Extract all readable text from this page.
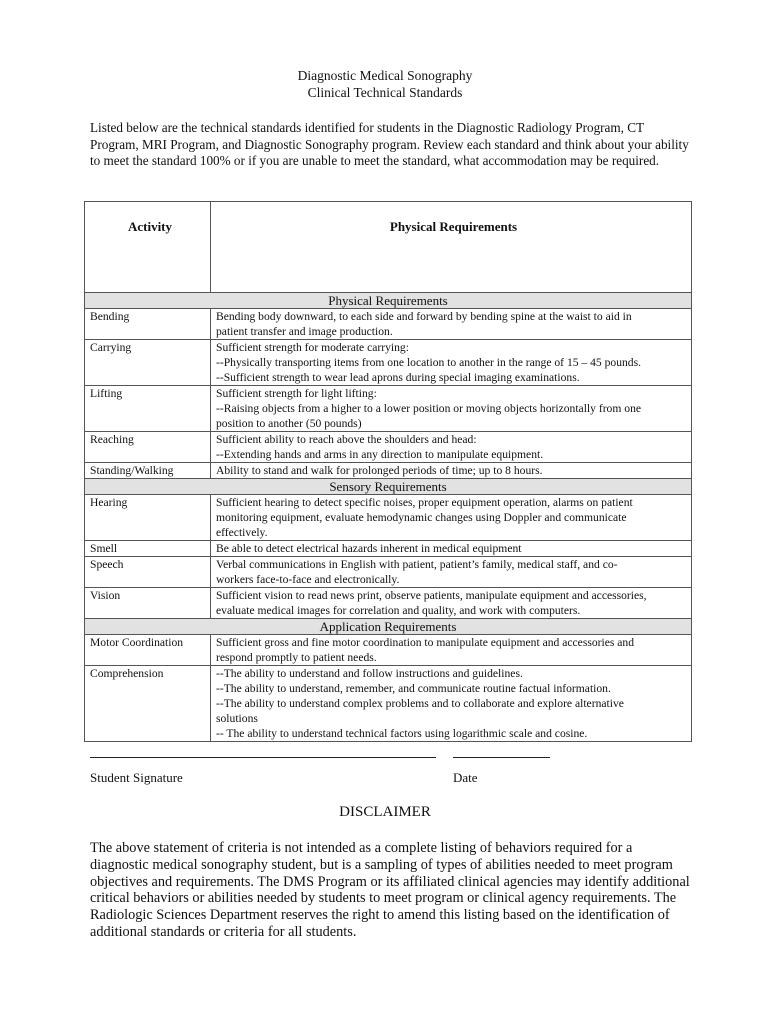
Diagnostic Medical Sonography
Clinical Technical Standards
Listed below are the technical standards identified for students in the Diagnostic Radiology Program, CT Program, MRI Program, and Diagnostic Sonography program. Review each standard and think about your ability to meet the standard 100% or if you are unable to meet the standard, what accommodation may be required.
Activity	Physical Requirements
Physical Requirements	
Bending	Bending body downward, to each side and forward by bending spine at the waist to aid in
patient transfer and image production.

Carrying	Sufficient strength for moderate carrying:
--Physically transporting items from one location to another in the range of 15 – 45 pounds.
--Sufficient strength to wear lead aprons during special imaging examinations.

Lifting	Sufficient strength for light lifting:
--Raising objects from a higher to a lower position or moving objects horizontally from one
position to another (50 pounds)

Reaching	Sufficient ability to reach above the shoulders and head:
--Extending hands and arms in any direction to manipulate equipment.

Standing/Walking	Ability to stand and walk for prolonged periods of time; up to 8 hours.

Sensory Requirements	
Hearing	Sufficient hearing to detect specific noises, proper equipment operation, alarms on patient
monitoring equipment, evaluate hemodynamic changes using Doppler and communicate
effectively.

Smell	Be able to detect electrical hazards inherent in medical equipment

Speech	Verbal communications in English with patient, patient’s family, medical staff, and co-
workers face-to-face and electronically.

Vision	Sufficient vision to read news print, observe patients, manipulate equipment and accessories,
evaluate medical images for correlation and quality, and work with computers.

Application Requirements	
Motor Coordination	Sufficient gross and fine motor coordination to manipulate equipment and accessories and
respond promptly to patient needs.

Comprehension	--The ability to understand and follow instructions and guidelines.
--The ability to understand, remember, and communicate routine factual information.
--The ability to understand complex problems and to collaborate and explore alternative
solutions
-- The ability to understand technical factors using logarithmic scale and cosine.
Student Signature	Date
DISCLAIMER
The above statement of criteria is not intended as a complete listing of behaviors required for a diagnostic medical sonography student, but is a sampling of types of abilities needed to meet program objectives and requirements. The DMS Program or its affiliated clinical agencies may identify additional critical behaviors or abilities needed by students to meet program or clinical agency requirements. The Radiologic Sciences Department reserves the right to amend this listing based on the identification of additional standards or criteria for all students.
